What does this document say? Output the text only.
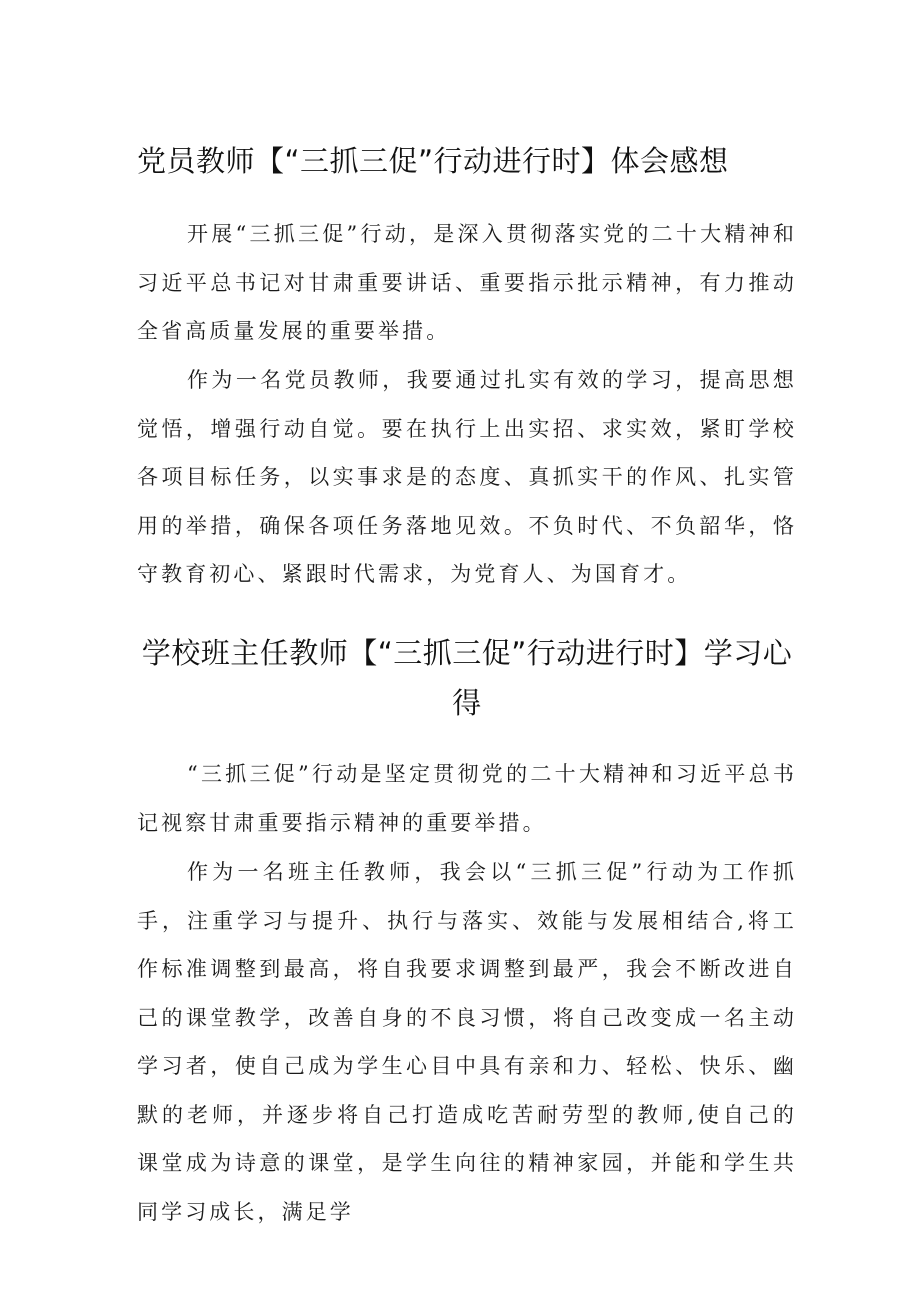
党员教师【“三抓三促”行动进行时】体会感想

开展“三抓三促”行动，是深入贯彻落实党的二十大精神和习近平总书记对甘肃重要讲话、重要指示批示精神，有力推动全省高质量发展的重要举措。

作为一名党员教师，我要通过扎实有效的学习，提高思想觉悟，增强行动自觉。要在执行上出实招、求实效，紧盯学校各项目标任务，以实事求是的态度、真抓实干的作风、扎实管用的举措，确保各项任务落地见效。不负时代、不负韶华，恪守教育初心、紧跟时代需求，为党育人、为国育才。

学校班主任教师【“三抓三促”行动进行时】学习心得

“三抓三促”行动是坚定贯彻党的二十大精神和习近平总书记视察甘肃重要指示精神的重要举措。

作为一名班主任教师，我会以“三抓三促”行动为工作抓手，注重学习与提升、执行与落实、效能与发展相结合,将工作标准调整到最高，将自我要求调整到最严，我会不断改进自己的课堂教学，改善自身的不良习惯，将自己改变成一名主动学习者，使自己成为学生心目中具有亲和力、轻松、快乐、幽默的老师，并逐步将自己打造成吃苦耐劳型的教师,使自己的课堂成为诗意的课堂，是学生向往的精神家园，并能和学生共同学习成长，满足学
